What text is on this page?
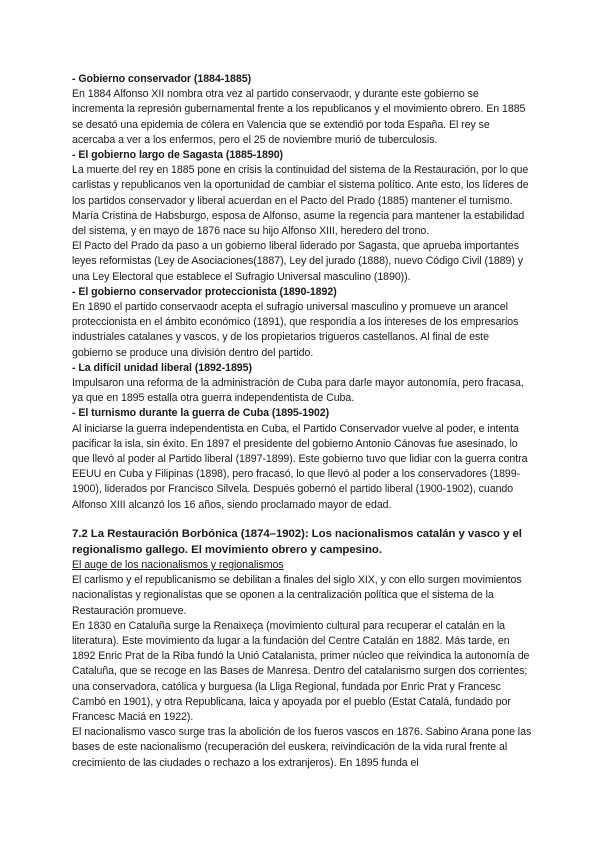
- Gobierno conservador (1884-1885)

En 1884 Alfonso XII nombra otra vez al partido conservaodr, y durante este gobierno se incrementa la represión gubernamental frente a los republicanos y el movimiento obrero. En 1885 se desató una epidemia de cólera en Valencia que se extendió por toda España. El rey se acercaba a ver a los enfermos, pero el 25 de noviembre murió de tuberculosis.

- El gobierno largo de Sagasta (1885-1890)

La muerte del rey en 1885 pone en crisis la continuidad del sistema de la Restauración, por lo que carlistas y republicanos ven la oportunidad de cambiar el sistema político. Ante esto, los líderes de los partidos conservador y liberal acuerdan en el Pacto del Prado (1885) mantener el turnismo. María Cristina de Habsburgo, esposa de Alfonso, asume la regencia para mantener la estabilidad del sistema, y en mayo de 1876 nace su hijo Alfonso XIII, heredero del trono.

El Pacto del Prado da paso a un gobierno liberal liderado por Sagasta, que aprueba importantes leyes reformistas (Ley de Asociaciones(1887), Ley del jurado (1888), nuevo Código Civil (1889) y una Ley Electoral que establece el Sufragio Universal masculino (1890)).

- El gobierno conservador proteccionista (1890-1892)

En 1890 el partido conservaodr acepta el sufragio universal masculino y promueve un arancel proteccionista en el ámbito económico (1891), que respondía a los intereses de los empresarios industriales catalanes y vascos, y de los propietarios trigueros castellanos. Al final de este gobierno se produce una división dentro del partido.

- La difícil unidad liberal (1892-1895)

Impulsaron una reforma de la administración de Cuba para darle mayor autonomía, pero fracasa, ya que en 1895 estalla otra guerra independentista de Cuba.

- El turnismo durante la guerra de Cuba (1895-1902)

Al iniciarse la guerra independentista en Cuba, el Partido Conservador vuelve al poder, e intenta pacificar la isla, sin éxito. En 1897 el presidente del gobierno Antonio Cánovas fue asesinado, lo que llevó al poder al Partido liberal (1897-1899). Este gobierno tuvo que lidiar con la guerra contra EEUU en Cuba y Filipinas (1898), pero fracasó, lo que llevó al poder a los conservadores (1899-1900), liderados por Francisco Silvela. Después gobernó el partido liberal (1900-1902), cuando Alfonso XIII alcanzó los 16 años, siendo proclamado mayor de edad.

7.2 La Restauración Borbónica (1874–1902): Los nacionalismos catalán y vasco y el regionalismo gallego. El movimiento obrero y campesino.

El auge de los nacionalismos y regionalismos

El carlismo y el republicanismo se debilitan a finales del siglo XIX, y con ello surgen movimientos nacionalistas y regionalistas que se oponen a la centralización política que el sistema de la Restauración promueve.

En 1830 en Cataluña surge la Renaixeça (movimiento cultural para recuperar el catalán en la literatura). Este movimiento da lugar a la fundación del Centre Catalán en 1882. Más tarde, en 1892 Enric Prat de la Riba fundó la Unió Catalanista, primer núcleo que reivindica la autonomía de Cataluña, que se recoge en las Bases de Manresa. Dentro del catalanismo surgen dos corrientes; una conservadora, católica y burguesa (la Lliga Regional, fundada por Enric Prat y Francesc Cambó en 1901), y otra Republicana, laica y apoyada por el pueblo (Estat Catalá, fundado por Francesc Maciá en 1922).

El nacionalismo vasco surge tras la abolición de los fueros vascos en 1876. Sabino Arana pone las bases de este nacionalismo (recuperación del euskera, reivindicación de la vida rural frente al crecimiento de las ciudades o rechazo a los extranjeros). En 1895 funda el
